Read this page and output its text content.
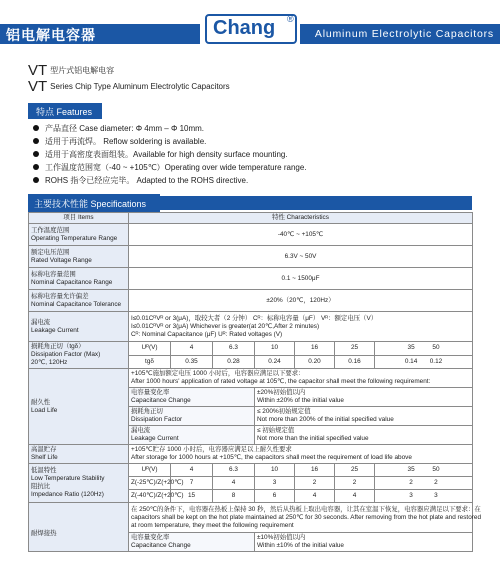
铝电解电容器	Chang ®
Aluminum Electrolytic Capacitors
VT 型片式铝电解电容
VT Series Chip Type Aluminum Electrolytic Capacitors
特点 Features
产品直径 Case diameter: Φ 4mm – Φ 10mm.
适用于再流焊。 Reflow soldering is available.
适用于高密度表面组装。Available for high density surface mounting.
工作温度范围宽（-40 ~ +105℃）Operating over wide temperature range.
ROHS 指令已经应完毕。 Adapted to the ROHS directive.
主要技术性能 Specifications
项目 Items	特性 Characteristics						

工作温度范围
Operating Temperature Range	-40℃ ~ +105℃						

额定电压范围
Rated Voltage Range	6.3V ~ 50V						

标称电容量范围
Nominal Capacitance Range	0.1 ~ 1500μF						

标称电容量允许偏差
Nominal Capacitance Tolerance	±20%（20℃，120Hz）						

漏电流
Leakage Current	I≤0.01CᴿVᴿ or 3(μA)，取较大者（2 分钟） Cᴿ：标称电容量（μF） Vᴿ：额定电压（V）
I≤0.01CᴿVᴿ or 3(μA) Whichever is greater(at 20℃,After 2 minutes)
Cᴿ: Nominal Capacitance (μF) Uᴿ: Rated voltages (V)						

损耗角正切（tgδ）
Dissipation Factor (Max)
20℃, 120Hz	Uᴿ(V)	4	6.3	10	16	25	35 50
	tgδ	0.35	0.28	0.24	0.20	0.16	0.14 0.12

耐久性
Load Life	+105℃施加额定电压 1000 小时后，电容器应满足以下要求：
After 1000 hours' application of rated voltage at 105℃, the capacitor shall meet the following requirement:						

	电容量变化率
Capacitance Change			±20%初始值以内
Within ±20% of the initial value			

	损耗角正切
Dissipation Factor			≤ 200%初始规定值
Not more than 200% of the initial specified value			

	漏电流
Leakage Current			≤ 初始规定值
Not more than the initial specified value			

高温贮存
Shelf Life	+105℃贮存 1000 小时后，电容器应满足以上耐久性要求
After storage for 1000 hours at +105℃, the capacitors shall meet the requirement of load life above						

低温特性
Low Temperature Stability
阻抗比
Impedance Ratio (120Hz)	Uᴿ(V)	4	6.3	10	16	25	35 50
	Z(-25℃)/Z(+20℃)	7	4	3	2	2	2 2
	Z(-40℃)/Z(+20℃)	15	8	6	4	4	3 3

耐焊接热	在 250℃的条件下，电容器在热板上保持 30 秒，然后从热板上取出电容器，让其在室温下恢复，电容器应满足以下要求：在
capacitors shall be kept on the hot plate maintained at 250℃ for 30 seconds. After removing from the hot plate and restored
at room temperature, they meet the following requirement						

	电容量变化率
Capacitance Change			±10%初始值以内
Within ±10% of the initial value			
